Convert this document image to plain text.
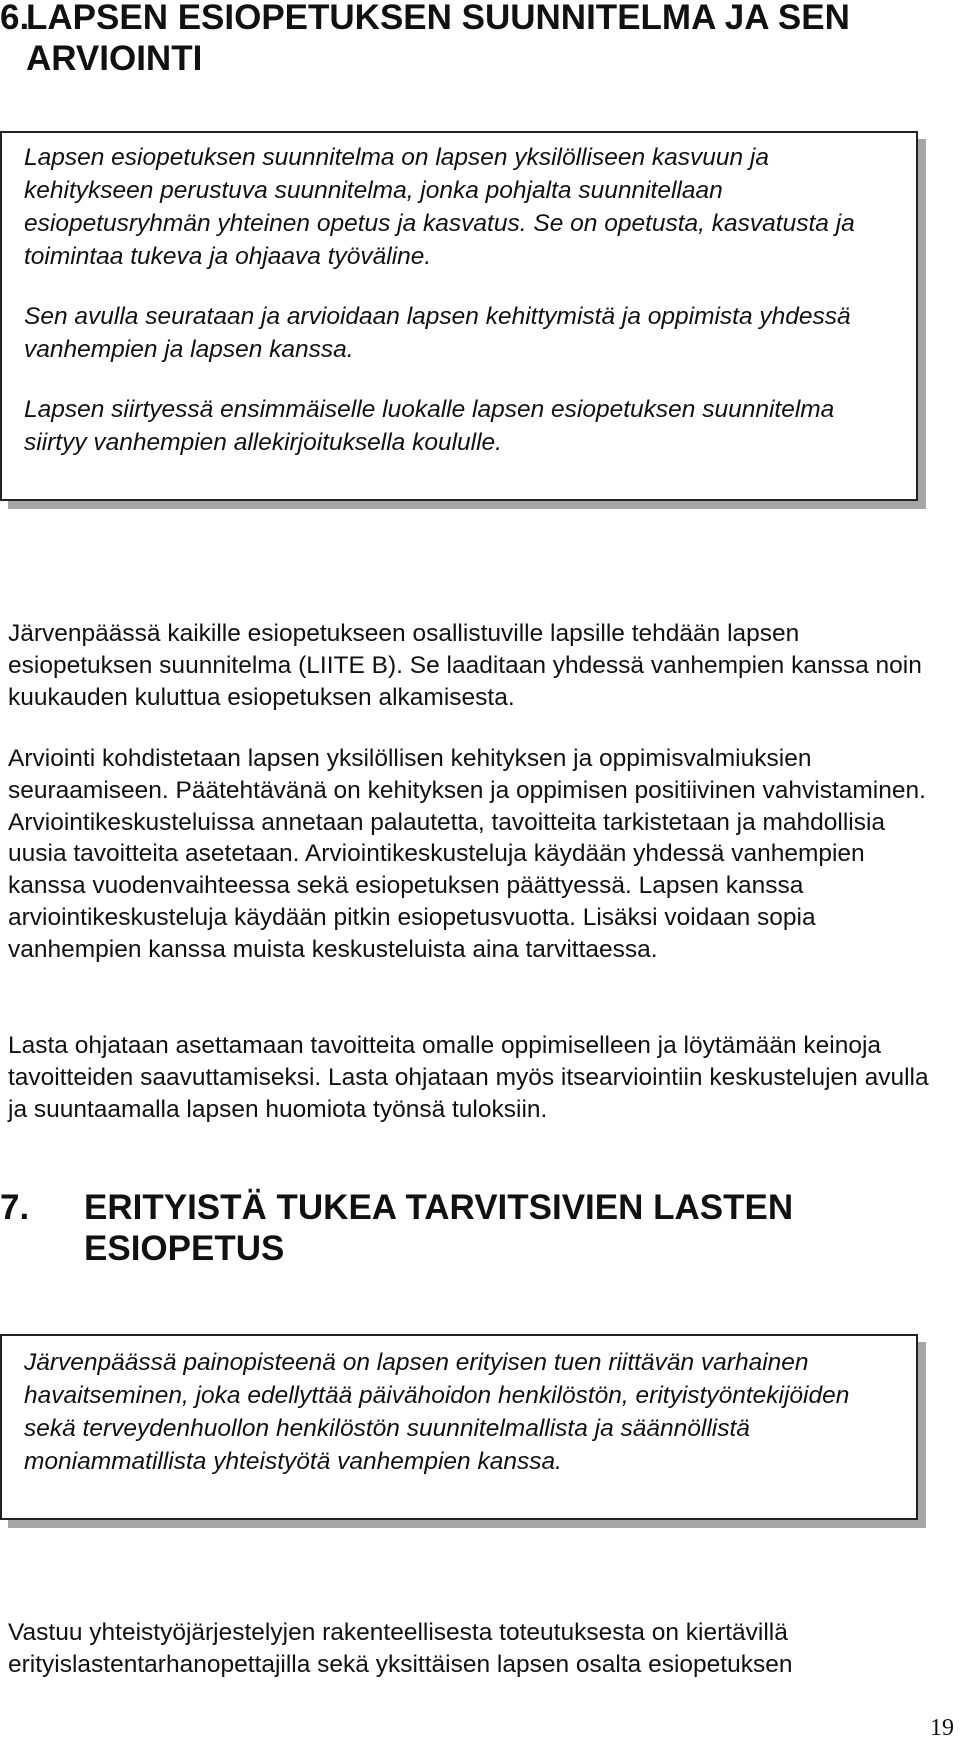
6.LAPSEN ESIOPETUKSEN SUUNNITELMA JA SEN
ARVIOINTI

Lapsen esiopetuksen suunnitelma on lapsen yksilölliseen kasvuun ja kehitykseen perustuva suunnitelma, jonka pohjalta suunnitellaan esiopetusryhmän yhteinen opetus ja kasvatus. Se on opetusta, kasvatusta ja toimintaa tukeva ja ohjaava työväline.

Sen avulla seurataan ja arvioidaan lapsen kehittymistä ja oppimista yhdessä vanhempien ja lapsen kanssa.

Lapsen siirtyessä ensimmäiselle luokalle lapsen esiopetuksen suunnitelma siirtyy vanhempien allekirjoituksella koululle.

Järvenpäässä kaikille esiopetukseen osallistuville lapsille tehdään lapsen esiopetuksen suunnitelma (LIITE B). Se laaditaan yhdessä vanhempien kanssa noin kuukauden kuluttua esiopetuksen alkamisesta.

Arviointi kohdistetaan lapsen yksilöllisen kehityksen ja oppimisvalmiuksien seuraamiseen. Päätehtävänä on kehityksen ja oppimisen positiivinen vahvistaminen. Arviointikeskusteluissa annetaan palautetta, tavoitteita tarkistetaan ja mahdollisia uusia tavoitteita asetetaan. Arviointikeskusteluja käydään yhdessä vanhempien kanssa vuodenvaihteessa sekä esiopetuksen päättyessä. Lapsen kanssa arviointikeskusteluja käydään pitkin esiopetusvuotta. Lisäksi voidaan sopia vanhempien kanssa muista keskusteluista aina tarvittaessa.

Lasta ohjataan asettamaan tavoitteita omalle oppimiselleen ja löytämään keinoja tavoitteiden saavuttamiseksi. Lasta ohjataan myös itsearviointiin keskustelujen avulla ja suuntaamalla lapsen huomiota työnsä tuloksiin.

7. ERITYISTÄ TUKEA TARVITSIVIEN LASTEN
ESIOPETUS

Järvenpäässä painopisteenä on lapsen erityisen tuen riittävän varhainen havaitseminen, joka edellyttää päivähoidon henkilöstön, erityistyöntekijöiden sekä terveydenhuollon henkilöstön suunnitelmallista ja säännöllistä moniammatillista yhteistyötä vanhempien kanssa.

Vastuu yhteistyöjärjestelyjen rakenteellisesta toteutuksesta on kiertävillä erityislastentarhanopettajilla sekä yksittäisen lapsen osalta esiopetuksen

19
